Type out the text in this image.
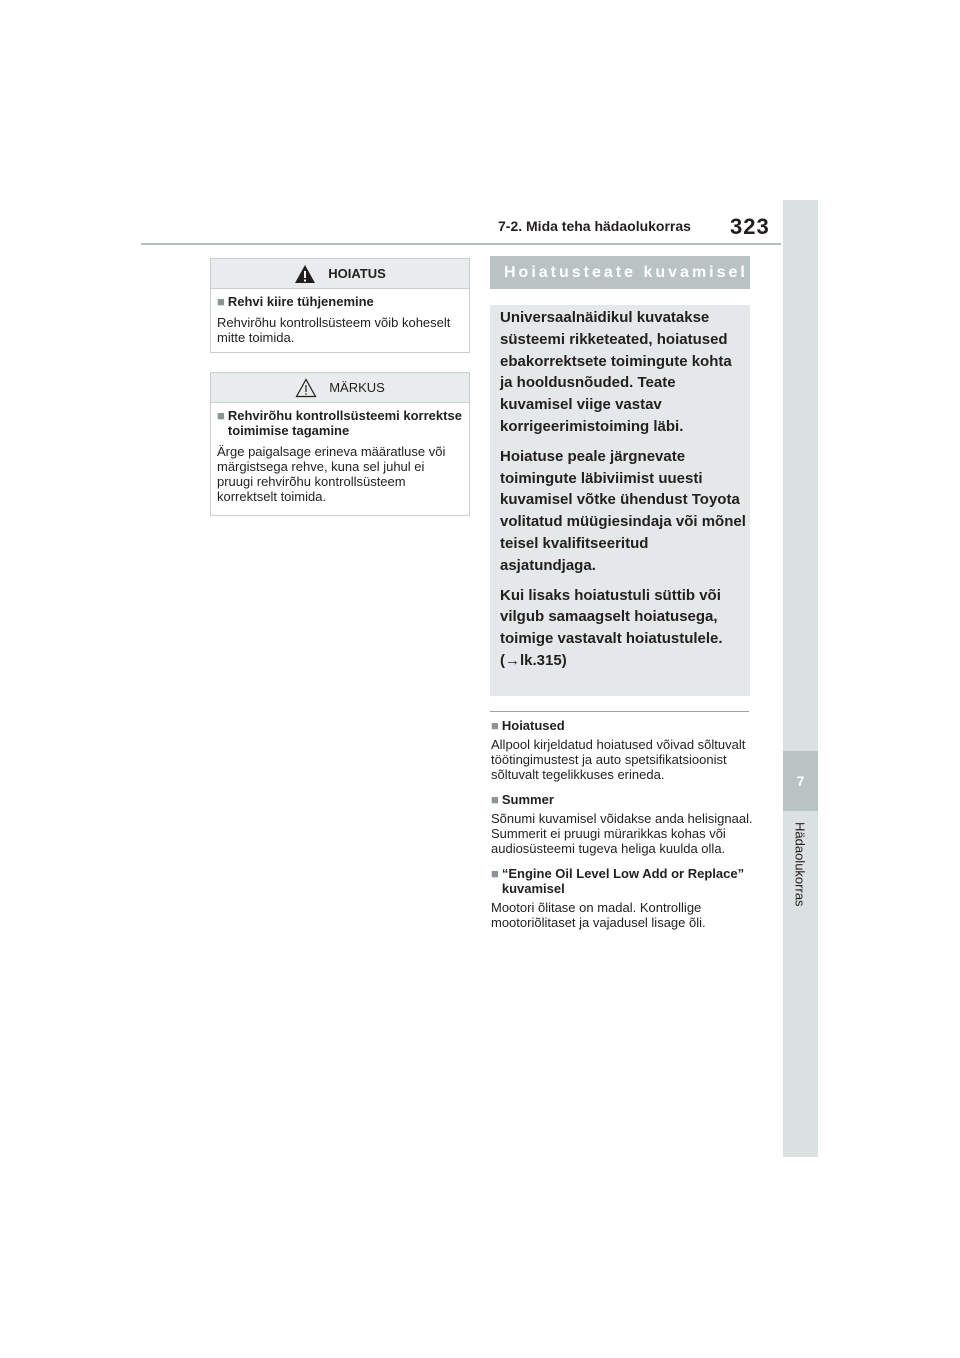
7
Hädaolukorras
7-2. Mida teha hädaolukorras 323
HOIATUS
■ Rehvi kiire tühjenemine

Rehvirõhu kontrollsüsteem võib koheselt mitte toimida.

MÄRKUS
■ Rehvirõhu kontrollsüsteemi korrektse toimimise tagamine

Ärge paigalsage erineva määratluse või märgistsega rehve, kuna sel juhul ei pruugi rehvirõhu kontrollsüsteem korrektselt toimida.

Hoiatusteate kuvamisel

Universaalnäidikul kuvatakse süsteemi rikketeated, hoiatused ebakorrektsete toimingute kohta ja hooldusnõuded. Teate kuvamisel viige vastav korrigeerimistoiming läbi.

Hoiatuse peale järgnevate toimingute läbiviimist uuesti kuvamisel võtke ühendust Toyota volitatud müügiesindaja või mõnel teisel kvalifitseeritud asjatundjaga.

Kui lisaks hoiatustuli süttib või vilgub samaagselt hoiatusega, toimige vastavalt hoiatustulele. (→lk.315)

■ Hoiatused

Allpool kirjeldatud hoiatused võivad sõltuvalt töötingimustest ja auto spetsifikatsioonist sõltuvalt tegelikkuses erineda.

■ Summer

Sõnumi kuvamisel võidakse anda helisignaal. Summerit ei pruugi mürarikkas kohas või audiosüsteemi tugeva heliga kuulda olla.

■ “Engine Oil Level Low Add or Replace” kuvamisel

Mootori õlitase on madal. Kontrollige mootoriõlitaset ja vajadusel lisage õli.
